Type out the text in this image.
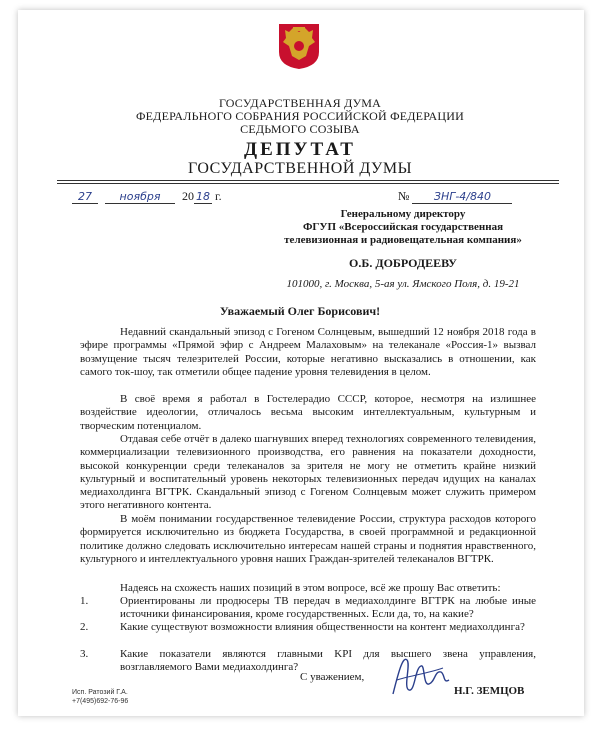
ГОСУДАРСТВЕННАЯ ДУМА
ФЕДЕРАЛЬНОГО СОБРАНИЯ РОССИЙСКОЙ ФЕДЕРАЦИИ
СЕДЬМОГО СОЗЫВА
ДЕПУТАТ
ГОСУДАРСТВЕННОЙ ДУМЫ
27	ноября 20 18 г.	№ ЗНГ-4/840
Генеральному директору
ФГУП «Всероссийская государственная
телевизионная и радиовещательная компания»
О.Б. ДОБРОДЕЕВУ
101000, г. Москва, 5-ая ул. Ямского Поля, д. 19-21
Уважаемый Олег Борисович!
Недавний скандальный эпизод с Гогеном Солнцевым, вышедший 12 ноября 2018 года в эфире программы «Прямой эфир с Андреем Малаховым» на телеканале «Россия-1» вызвал возмущение тысяч телезрителей России, которые негативно высказались в отношении, как самого ток-шоу, так отметили общее падение уровня телевидения в целом.
В своё время я работал в Гостелерадио СССР, которое, несмотря на излишнее воздействие идеологии, отличалось весьма высоким интеллектуальным, культурным и творческим потенциалом.
Отдавая себе отчёт в далеко шагнувших вперед технологиях современного телевидения, коммерциализации телевизионного производства, его равнения на показатели доходности, высокой конкуренции среди телеканалов за зрителя не могу не отметить крайне низкий культурный и воспитательный уровень некоторых телевизионных передач идущих на каналах медиахолдинга ВГТРК. Скандальный эпизод с Гогеном Солнцевым может служить примером этого негативного контента.
В моём понимании государственное телевидение России, структура расходов которого формируется исключительно из бюджета Государства, в своей программной и редакционной политике должно следовать исключительно интересам нашей страны и поднятия нравственного, культурного и интеллектуального уровня наших Граждан-зрителей телеканалов ВГТРК.
Надеясь на схожесть наших позиций в этом вопросе, всё же прошу Вас ответить:
1.	Ориентированы ли продюсеры ТВ передач в медиахолдинге ВГТРК на любые иные источники финансирования, кроме государственных. Если да, то, на какие?
2.	Какие существуют возможности влияния общественности на контент медиахолдинга?
3.	Какие показатели являются главными KPI для высшего звена управления, возглавляемого Вами медиахолдинга?
С уважением,
Н.Г. ЗЕМЦОВ
Исп. Ратозий Г.А.
+7(495)692-76-96
